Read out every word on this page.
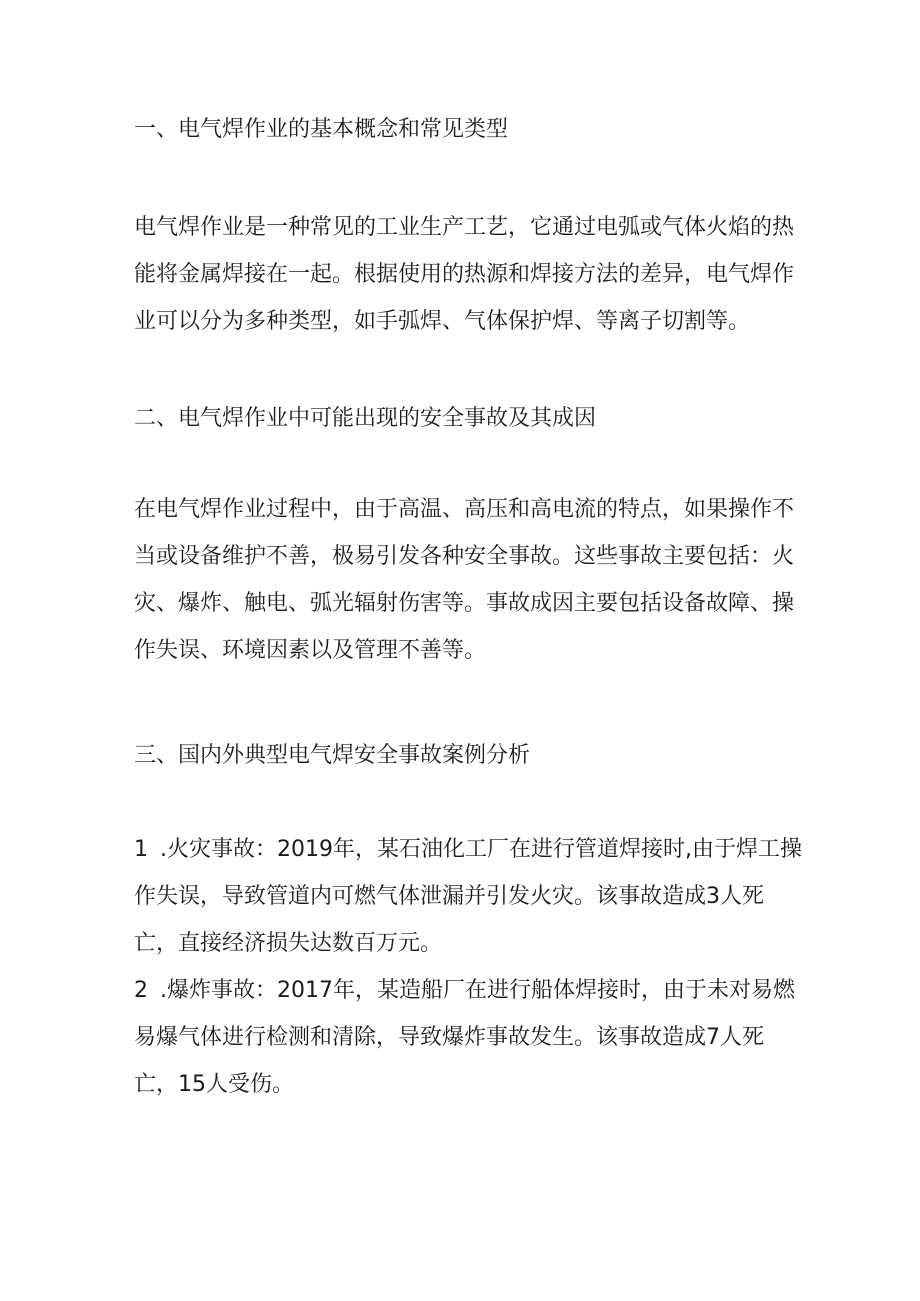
一、电气焊作业的基本概念和常见类型
电气焊作业是一种常见的工业生产工艺，它通过电弧或气体火焰的热
能将金属焊接在一起。根据使用的热源和焊接方法的差异，电气焊作
业可以分为多种类型，如手弧焊、气体保护焊、等离子切割等。
二、电气焊作业中可能出现的安全事故及其成因
在电气焊作业过程中，由于高温、高压和高电流的特点，如果操作不
当或设备维护不善，极易引发各种安全事故。这些事故主要包括：火
灾、爆炸、触电、弧光辐射伤害等。事故成因主要包括设备故障、操
作失误、环境因素以及管理不善等。
三、国内外典型电气焊安全事故案例分析
1 .火灾事故：2019年，某石油化工厂在进行管道焊接时,由于焊工操
作失误，导致管道内可燃气体泄漏并引发火灾。该事故造成3人死
亡，直接经济损失达数百万元。
2 .爆炸事故：2017年，某造船厂在进行船体焊接时，由于未对易燃
易爆气体进行检测和清除，导致爆炸事故发生。该事故造成7人死
亡，15人受伤。
